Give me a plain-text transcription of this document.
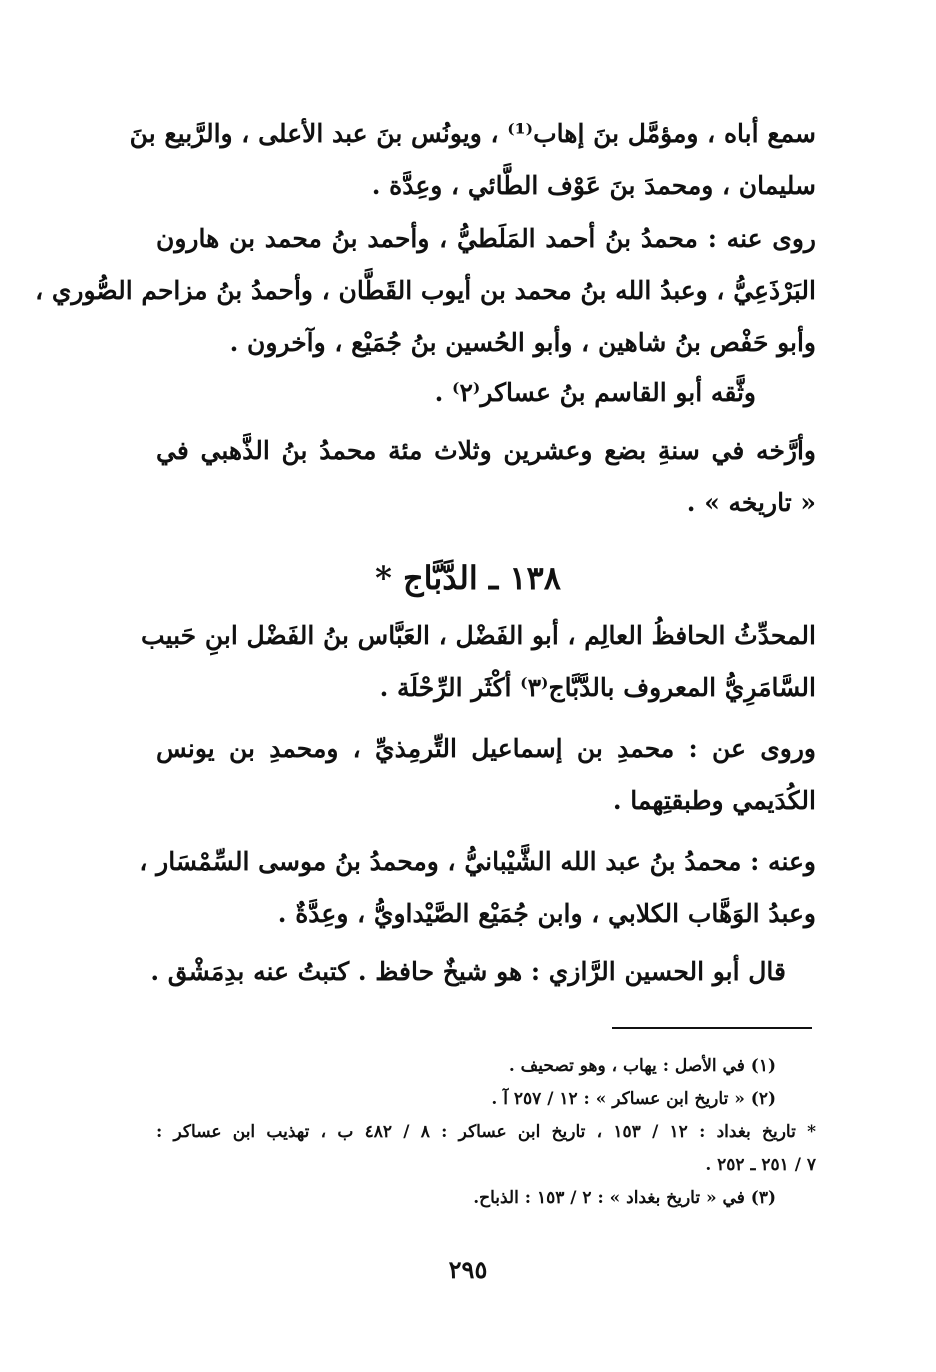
سمع أباه ، ومؤمَّل بنَ إهاب⁽¹⁾ ، ويونُس بنَ عبد الأعلى ، والرَّبيع بنَ
سليمان ، ومحمدَ بنَ عَوْف الطَّائي ، وعِدَّة .
روى عنه : محمدُ بنُ أحمد المَلَطيُّ ، وأحمد بنُ محمد بن هارون
البَرْذَعِيُّ ، وعبدُ الله بنُ محمد بن أيوب القَطَّان ، وأحمدُ بنُ مزاحم الصُّوري ،
وأبو حَفْص بنُ شاهين ، وأبو الحُسين بنُ جُمَيْع ، وآخرون .
وثَّقه أبو القاسم بنُ عساكر⁽٢⁾ .
وأرَّخه في سنةِ بضع وعشرين وثلاث مئة محمدُ بنُ الذَّهبي في
« تاريخه » .
١٣٨ ـ الدَّبَّاج *
المحدِّثُ الحافظُ العالِم ، أبو الفَضْل ، العَبَّاس بنُ الفَضْل ابنِ حَبيب
السَّامَرِيُّ المعروف بالدَّبَّاج⁽٣⁾ أكْثَر الرِّحْلَة .
وروى عن : محمدِ بن إسماعيل التِّرمِذيِّ ، ومحمدِ بن يونس
الكُدَيمي وطبقتِهما .
وعنه : محمدُ بنُ عبد الله الشَّيْبانيُّ ، ومحمدُ بنُ موسى السِّمْسَار ،
وعبدُ الوَهَّاب الكلابي ، وابن جُمَيْع الصَّيْداويُّ ، وعِدَّةٌ .
قال أبو الحسين الرَّازي : هو شيخٌ حافظ . كتبتُ عنه بدِمَشْق .
(١) في الأصل : يهاب ، وهو تصحيف .
(٢) « تاريخ ابن عساكر » : ١٢ / ٢٥٧ آ .
* تاريخ بغداد : ١٢ / ١٥٣ ، تاريخ ابن عساكر : ٨ / ٤٨٢ ب ، تهذيب ابن عساكر :
٧ / ٢٥١ ـ ٢٥٢ .
(٣) في « تاريخ بغداد » : ٢ / ١٥٣ : الذباح.
٢٩٥
